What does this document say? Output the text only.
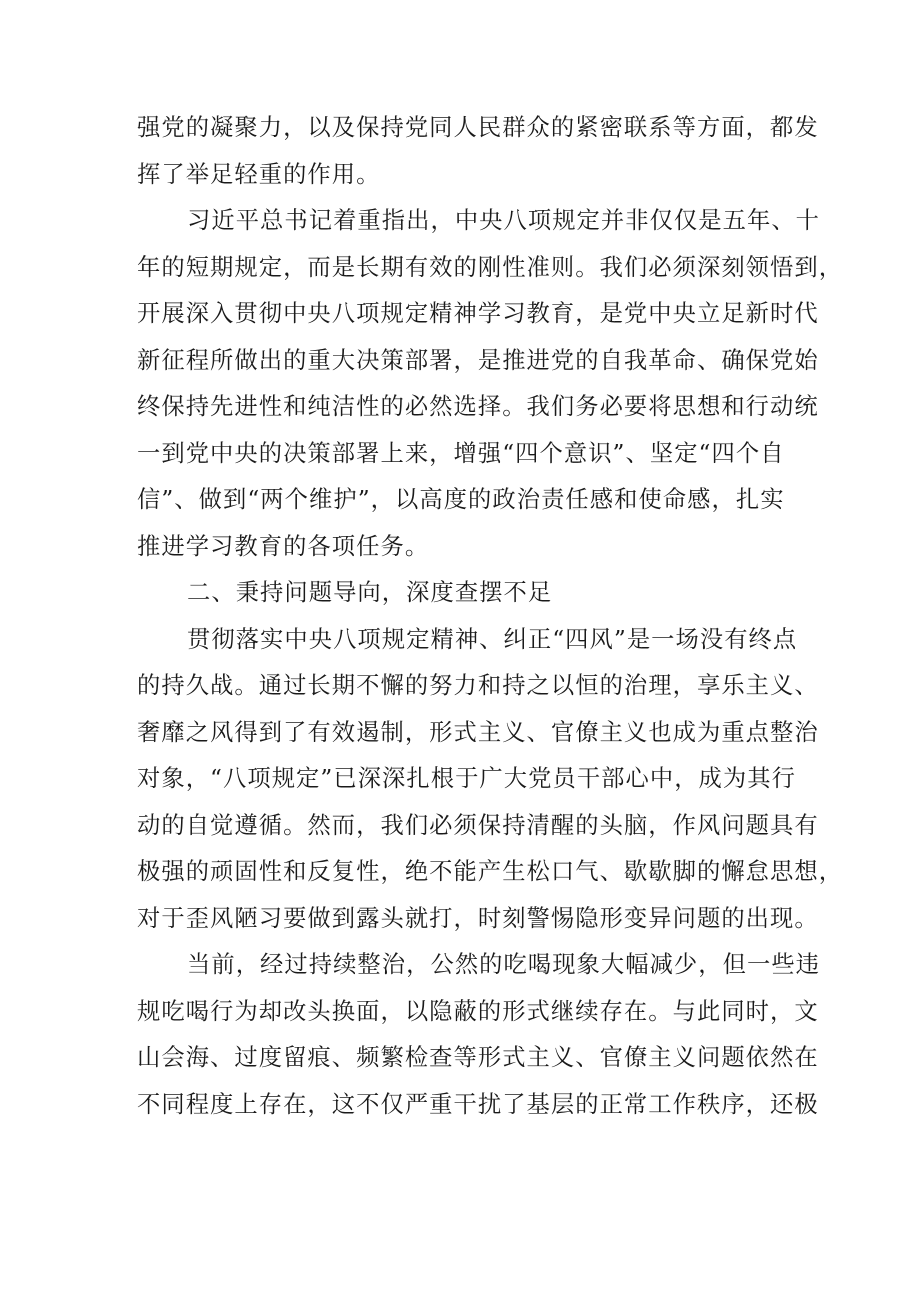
强党的凝聚力，以及保持党同人民群众的紧密联系等方面，都发
挥了举足轻重的作用。
习近平总书记着重指出，中央八项规定并非仅仅是五年、十
年的短期规定，而是长期有效的刚性准则。我们必须深刻领悟到，
开展深入贯彻中央八项规定精神学习教育，是党中央立足新时代
新征程所做出的重大决策部署，是推进党的自我革命、确保党始
终保持先进性和纯洁性的必然选择。我们务必要将思想和行动统
一到党中央的决策部署上来，增强“四个意识”、坚定“四个自
信”、做到“两个维护”，以高度的政治责任感和使命感，扎实
推进学习教育的各项任务。
二、秉持问题导向，深度查摆不足
贯彻落实中央八项规定精神、纠正“四风”是一场没有终点
的持久战。通过长期不懈的努力和持之以恒的治理，享乐主义、
奢靡之风得到了有效遏制，形式主义、官僚主义也成为重点整治
对象，“八项规定”已深深扎根于广大党员干部心中，成为其行
动的自觉遵循。然而，我们必须保持清醒的头脑，作风问题具有
极强的顽固性和反复性，绝不能产生松口气、歇歇脚的懈怠思想，
对于歪风陋习要做到露头就打，时刻警惕隐形变异问题的出现。
当前，经过持续整治，公然的吃喝现象大幅减少，但一些违
规吃喝行为却改头换面，以隐蔽的形式继续存在。与此同时，文
山会海、过度留痕、频繁检查等形式主义、官僚主义问题依然在
不同程度上存在，这不仅严重干扰了基层的正常工作秩序，还极
